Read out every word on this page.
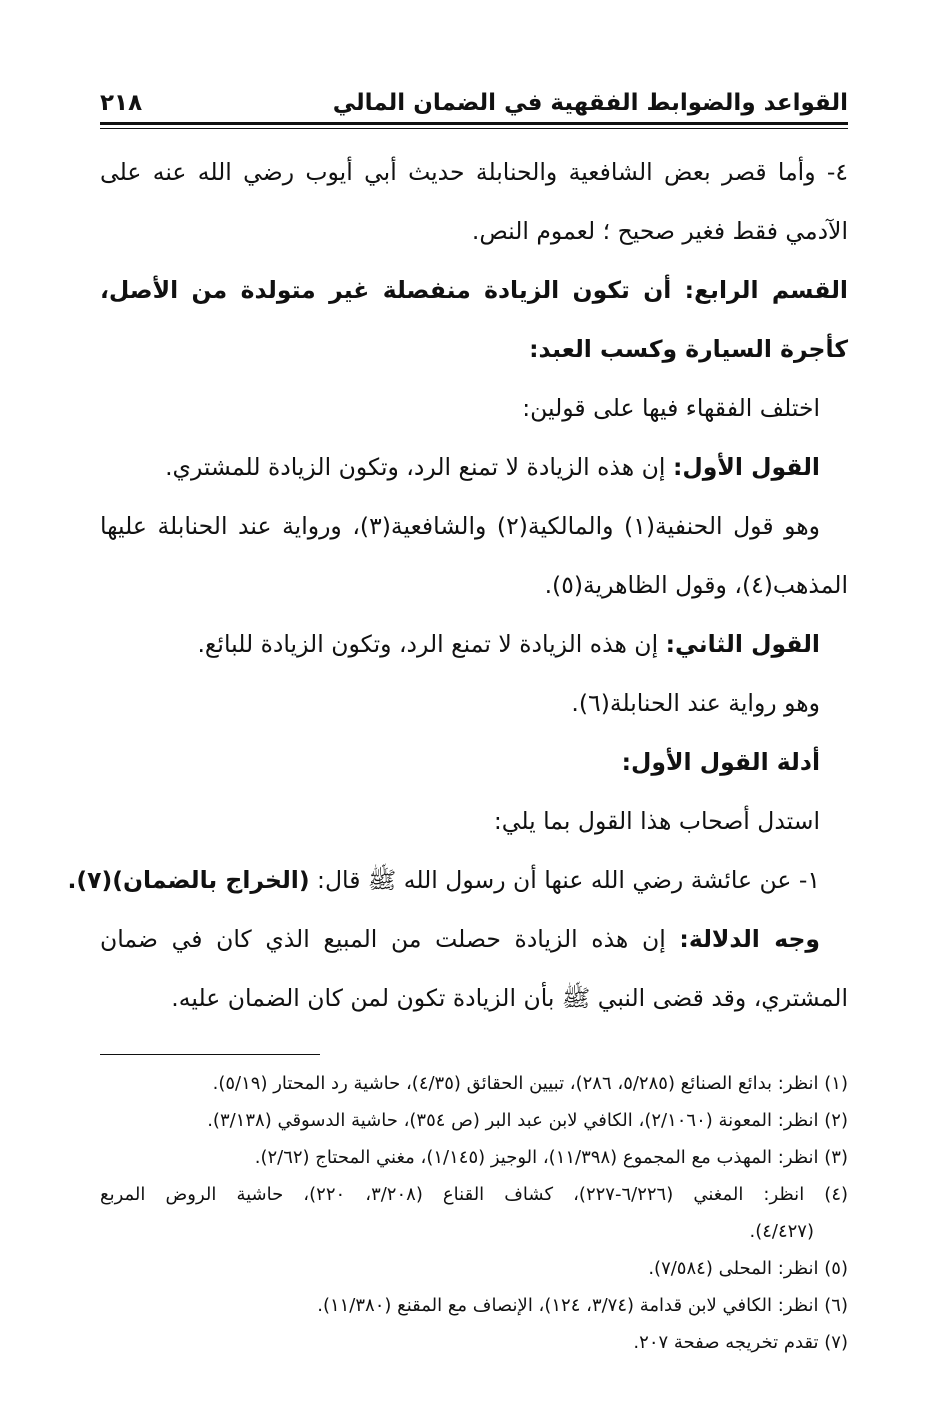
القواعد والضوابط الفقهية في الضمان المالي
٢١٨
٤- وأما قصر بعض الشافعية والحنابلة حديث أبي أيوب رضي الله عنه على
الآدمي فقط فغير صحيح ؛ لعموم النص.
القسم الرابع: أن تكون الزيادة منفصلة غير متولدة من الأصل،
كأجرة السيارة وكسب العبد:
اختلف الفقهاء فيها على قولين:
القول الأول: إن هذه الزيادة لا تمنع الرد، وتكون الزيادة للمشتري.
وهو قول الحنفية(١) والمالكية(٢) والشافعية(٣)، ورواية عند الحنابلة عليها
المذهب(٤)، وقول الظاهرية(٥).
القول الثاني: إن هذه الزيادة لا تمنع الرد، وتكون الزيادة للبائع.
وهو رواية عند الحنابلة(٦).
أدلة القول الأول:
استدل أصحاب هذا القول بما يلي:
١- عن عائشة رضي الله عنها أن رسول الله ﷺ قال: (الخراج بالضمان)(٧).
وجه الدلالة: إن هذه الزيادة حصلت من المبيع الذي كان في ضمان
المشتري، وقد قضى النبي ﷺ بأن الزيادة تكون لمن كان الضمان عليه.
(١) انظر: بدائع الصنائع (٥/٢٨٥، ٢٨٦)، تبيين الحقائق (٤/٣٥)، حاشية رد المحتار (٥/١٩).
(٢) انظر: المعونة (٢/١٠٦٠)، الكافي لابن عبد البر (ص ٣٥٤)، حاشية الدسوقي (٣/١٣٨).
(٣) انظر: المهذب مع المجموع (١١/٣٩٨)، الوجيز (١/١٤٥)، مغني المحتاج (٢/٦٢).
(٤) انظر: المغني (٦/٢٢٦-٢٢٧)، كشاف القناع (٣/٢٠٨، ٢٢٠)، حاشية الروض المربع
(٤/٤٢٧).
(٥) انظر: المحلى (٧/٥٨٤).
(٦) انظر: الكافي لابن قدامة (٣/٧٤، ١٢٤)، الإنصاف مع المقنع (١١/٣٨٠).
(٧) تقدم تخريجه صفحة ٢٠٧.
